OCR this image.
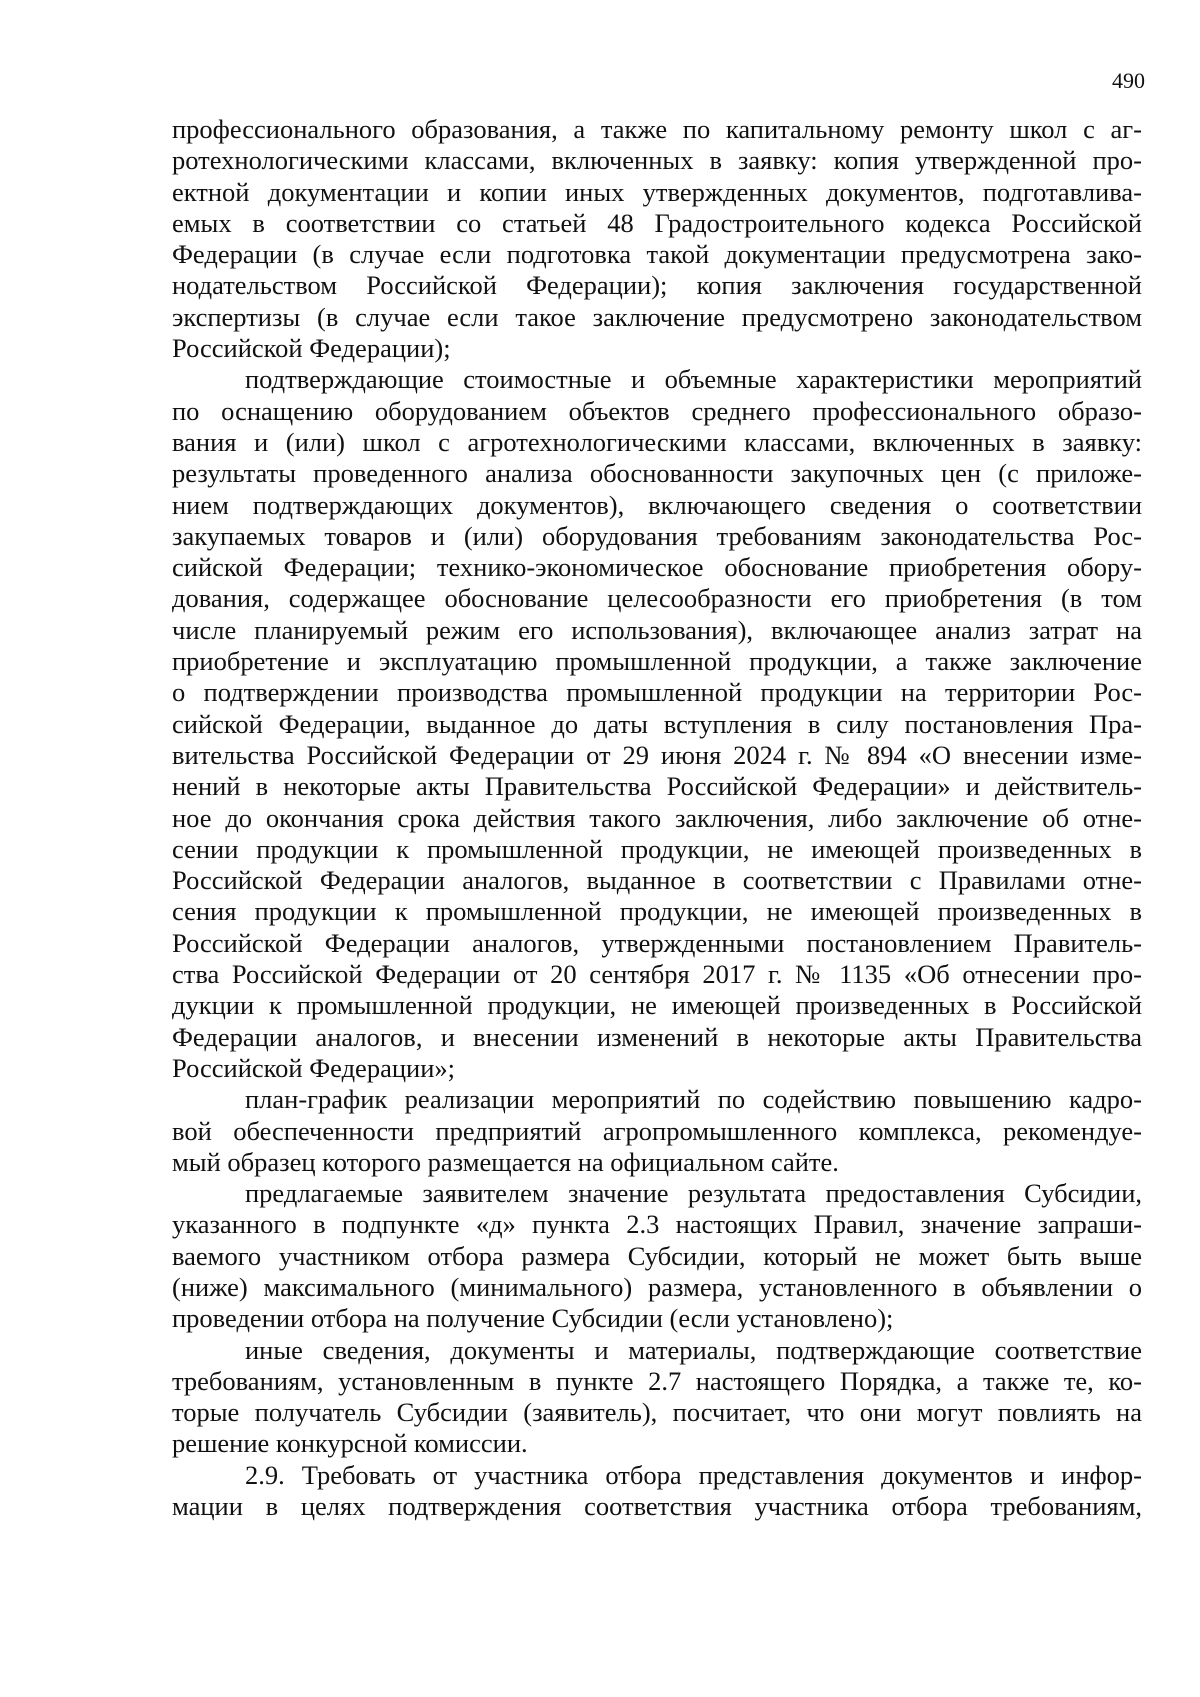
490
профессионального образования, а также по капитальному ремонту школ с аг-
ротехнологическими классами, включенных в заявку: копия утвержденной про-
ектной документации и копии иных утвержденных документов, подготавлива-
емых в соответствии со статьей 48 Градостроительного кодекса Российской
Федерации (в случае если подготовка такой документации предусмотрена зако-
нодательством Российской Федерации); копия заключения государственной
экспертизы (в случае если такое заключение предусмотрено законодательством
Российской Федерации);
подтверждающие стоимостные и объемные характеристики мероприятий
по оснащению оборудованием объектов среднего профессионального образо-
вания и (или) школ с агротехнологическими классами, включенных в заявку:
результаты проведенного анализа обоснованности закупочных цен (с приложе-
нием подтверждающих документов), включающего сведения о соответствии
закупаемых товаров и (или) оборудования требованиям законодательства Рос-
сийской Федерации; технико-экономическое обоснование приобретения обору-
дования, содержащее обоснование целесообразности его приобретения (в том
числе планируемый режим его использования), включающее анализ затрат на
приобретение и эксплуатацию промышленной продукции, а также заключение
о подтверждении производства промышленной продукции на территории Рос-
сийской Федерации, выданное до даты вступления в силу постановления Пра-
вительства Российской Федерации от 29 июня 2024 г. № 894 «О внесении изме-
нений в некоторые акты Правительства Российской Федерации» и действитель-
ное до окончания срока действия такого заключения, либо заключение об отне-
сении продукции к промышленной продукции, не имеющей произведенных в
Российской Федерации аналогов, выданное в соответствии с Правилами отне-
сения продукции к промышленной продукции, не имеющей произведенных в
Российской Федерации аналогов, утвержденными постановлением Правитель-
ства Российской Федерации от 20 сентября 2017 г. № 1135 «Об отнесении про-
дукции к промышленной продукции, не имеющей произведенных в Российской
Федерации аналогов, и внесении изменений в некоторые акты Правительства
Российской Федерации»;
план-график реализации мероприятий по содействию повышению кадро-
вой обеспеченности предприятий агропромышленного комплекса, рекомендуе-
мый образец которого размещается на официальном сайте.
предлагаемые заявителем значение результата предоставления Субсидии,
указанного в подпункте «д» пункта 2.3 настоящих Правил, значение запраши-
ваемого участником отбора размера Субсидии, который не может быть выше
(ниже) максимального (минимального) размера, установленного в объявлении о
проведении отбора на получение Субсидии (если установлено);
иные сведения, документы и материалы, подтверждающие соответствие
требованиям, установленным в пункте 2.7 настоящего Порядка, а также те, ко-
торые получатель Субсидии (заявитель), посчитает, что они могут повлиять на
решение конкурсной комиссии.
2.9. Требовать от участника отбора представления документов и инфор-
мации в целях подтверждения соответствия участника отбора требованиям,
